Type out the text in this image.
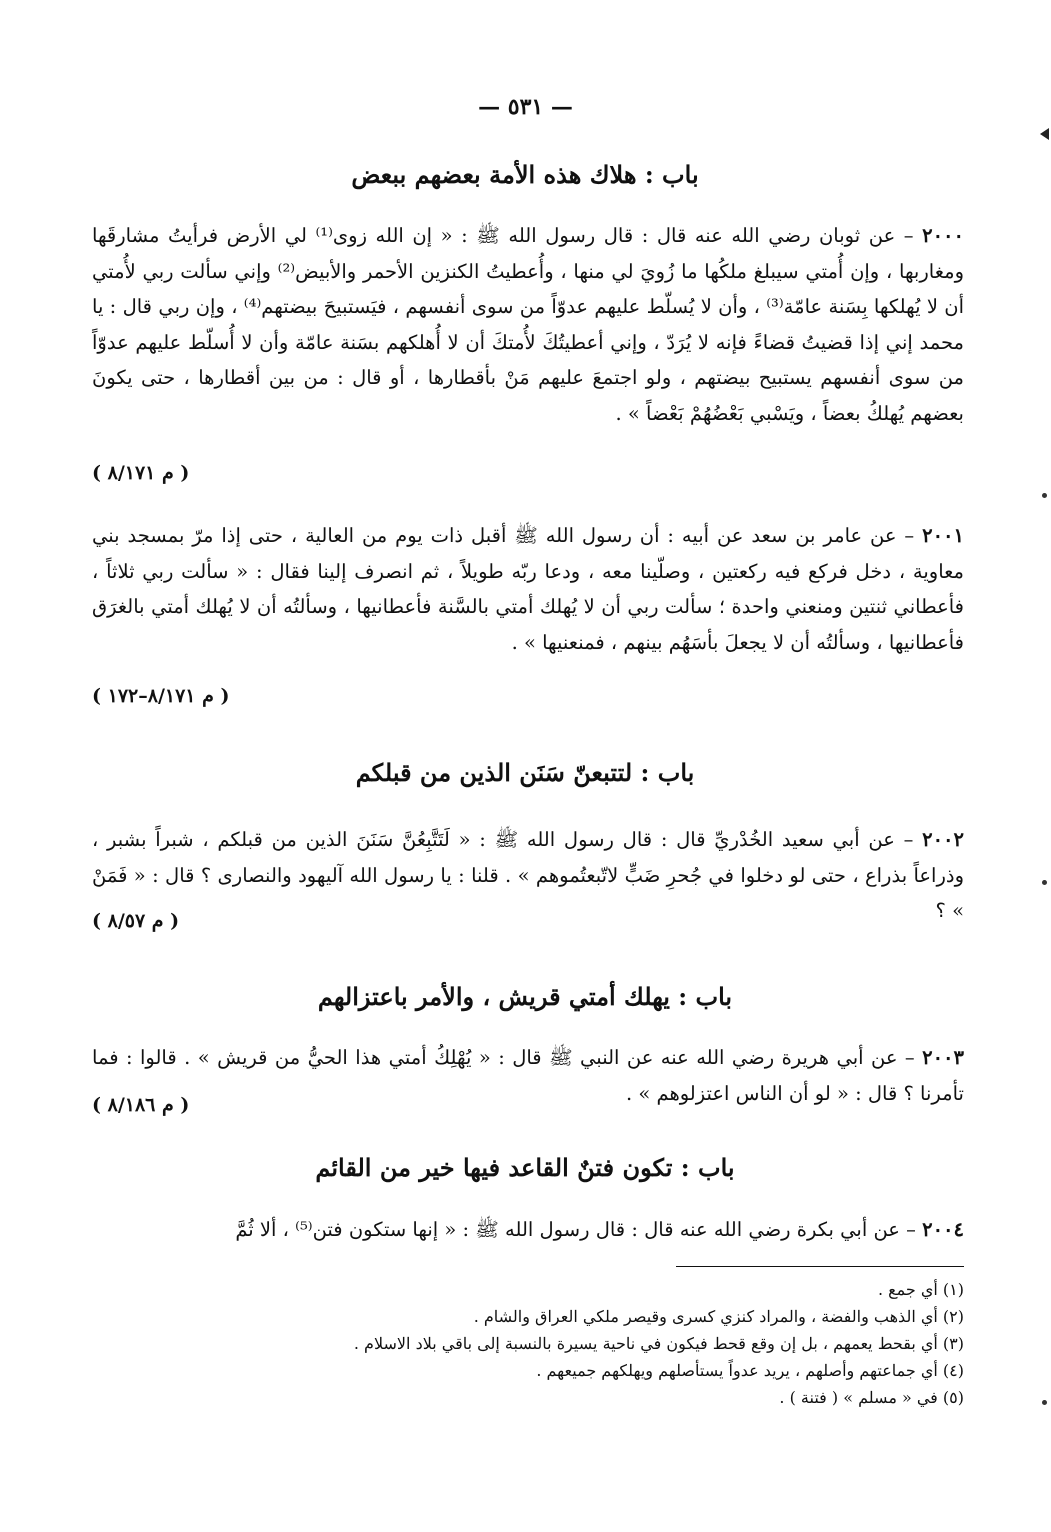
— ٥٣١ —
باب : هلاك هذه الأمة بعضهم ببعض
٢٠٠٠ – عن ثوبان رضي الله عنه قال : قال رسول الله ﷺ : « إن الله زوى⁽¹⁾ لي الأرض فرأيتُ مشارقَها ومغاربها ، وإن أُمتي سيبلغ ملكُها ما زُويَ لي منها ، وأُعطيتُ الكنزين الأحمر والأبيض⁽²⁾ وإني سألت ربي لأُمتي أن لا يُهلكها بِسَنة عامّة⁽³⁾ ، وأن لا يُسلّط عليهم عدوّاً من سوى أنفسهم ، فيَستبيحَ بيضتهم⁽⁴⁾ ، وإن ربي قال : يا محمد إني إذا قضيتُ قضاءً فإنه لا يُرَدّ ، وإني أعطيتُكَ لأُمتكَ أن لا أُهلكهم بسَنة عامّة وأن لا أُسلّط عليهم عدوّاً من سوى أنفسهم يستبيح بيضتهم ، ولو اجتمعَ عليهم مَنْ بأقطارها ، أو قال : من بين أقطارها ، حتى يكونَ بعضهم يُهلكُ بعضاً ، ويَسْبي بَعْضُهُمْ بَعْضاً » .
( م ٨/١٧١ )
٢٠٠١ – عن عامر بن سعد عن أبيه : أن رسول الله ﷺ أقبل ذات يوم من العالية ، حتى إذا مرّ بمسجد بني معاوية ، دخل فركع فيه ركعتين ، وصلّينا معه ، ودعا ربّه طويلاً ، ثم انصرف إلينا فقال : « سألت ربي ثلاثاً ، فأعطاني ثنتين ومنعني واحدة ؛ سألت ربي أن لا يُهلك أمتي بالسَّنة فأعطانيها ، وسألتُه أن لا يُهلك أمتي بالغرَق فأعطانيها ، وسألتُه أن لا يجعلَ بأسَهُم بينهم ، فمنعنيها » .
( م ٨/١٧١–١٧٢ )
باب : لتتبعنّ سَنَن الذين من قبلكم
٢٠٠٢ – عن أبي سعيد الخُدْريِّ قال : قال رسول الله ﷺ : « لَتَتَّبِعُنَّ سَنَنَ الذين من قبلكم ، شبراً بشبر ، وذراعاً بذراع ، حتى لو دخلوا في جُحرِ ضَبٍّ لاتّبعتُموهم » . قلنا : يا رسول الله آليهود والنصارى ؟ قال : « فَمَنْ » ؟
( م ٨/٥٧ )
باب : يهلك أمتي قريش ، والأمر باعتزالهم
٢٠٠٣ – عن أبي هريرة رضي الله عنه عن النبي ﷺ قال : « يُهْلِكُ أمتي هذا الحيُّ من قريش » . قالوا : فما تأمرنا ؟ قال : « لو أن الناس اعتزلوهم » .
( م ٨/١٨٦ )
باب : تكون فتنٌ القاعد فيها خير من القائم
٢٠٠٤ – عن أبي بكرة رضي الله عنه قال : قال رسول الله ﷺ : « إنها ستكون فتن⁽⁵⁾ ، ألا ثُمَّ
(١) أي جمع .
(٢) أي الذهب والفضة ، والمراد كنزي كسرى وقيصر ملكي العراق والشام .
(٣) أي بقحط يعمهم ، بل إن وقع قحط فيكون في ناحية يسيرة بالنسبة إلى باقي بلاد الاسلام .
(٤) أي جماعتهم وأصلهم ، يريد عدواً يستأصلهم ويهلكهم جميعهم .
(٥) في « مسلم » ( فتنة ) .
